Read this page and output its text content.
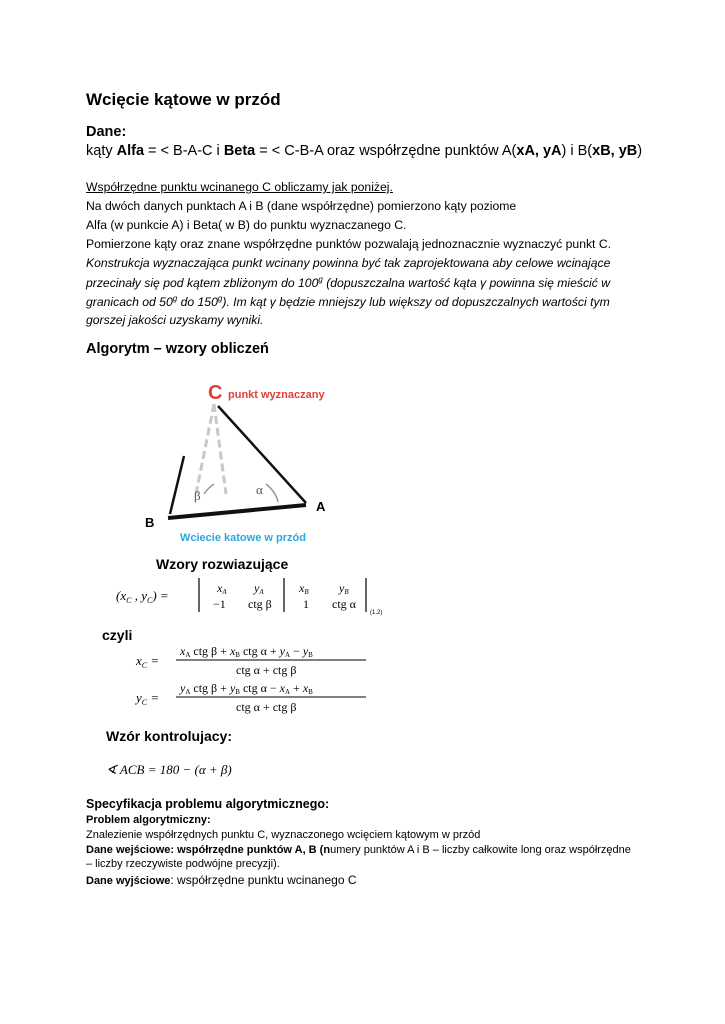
Wcięcie kątowe w przód
Dane:
kąty Alfa = < B-A-C i Beta = < C-B-A oraz współrzędne punktów A(xA, yA) i B(xB, yB)
Współrzędne punktu wcinanego C obliczamy jak poniżej.
Na dwóch danych punktach A i B (dane współrzędne) pomierzono kąty poziome
Alfa (w punkcie A) i Beta( w B) do punktu wyznaczanego C.
Pomierzone kąty oraz znane współrzędne punktów pozwalają jednoznacznie wyznaczyć punkt C.
Konstrukcja wyznaczająca punkt wcinany powinna być tak zaprojektowana aby celowe wcinające
przecinały się pod kątem zbliżonym do 100$^g$ (dopuszczalna wartość kąta γ powinna się mieścić w
granicach od 50$^g$ do 150$^g$). Im kąt γ będzie mniejszy lub większy od dopuszczalnych wartości tym
gorszej jakości uzyskamy wyniki.
Algorytm – wzory obliczeń
C punkt wyznaczany
β	α
B
A
Wciecie katowe w przód
Wzory rozwiazujące
($x_C$ , $y_C$) =	xA yA
−1 ctg β
xB	yB
1 ctg α
(1.2)
czyli
$x_C$ =
xA ctg β + xB ctg α + yA − yB
ctg α + ctg β
$y_C$ =
yA ctg β + yB ctg α − xA + xB
ctg α + ctg β
Wzór kontrolujacy:
∢ ACB = 180 − (α + β)
Specyfikacja problemu algorytmicznego:
Problem algorytmiczny:
Znalezienie współrzędnych punktu C, wyznaczonego wcięciem kątowym w przód
Dane wejściowe: współrzędne punktów A, B (numery punktów A i B – liczby całkowite long oraz współrzędne
– liczby rzeczywiste podwójne precyzji).
Dane wyjściowe: współrzędne punktu wcinanego C
